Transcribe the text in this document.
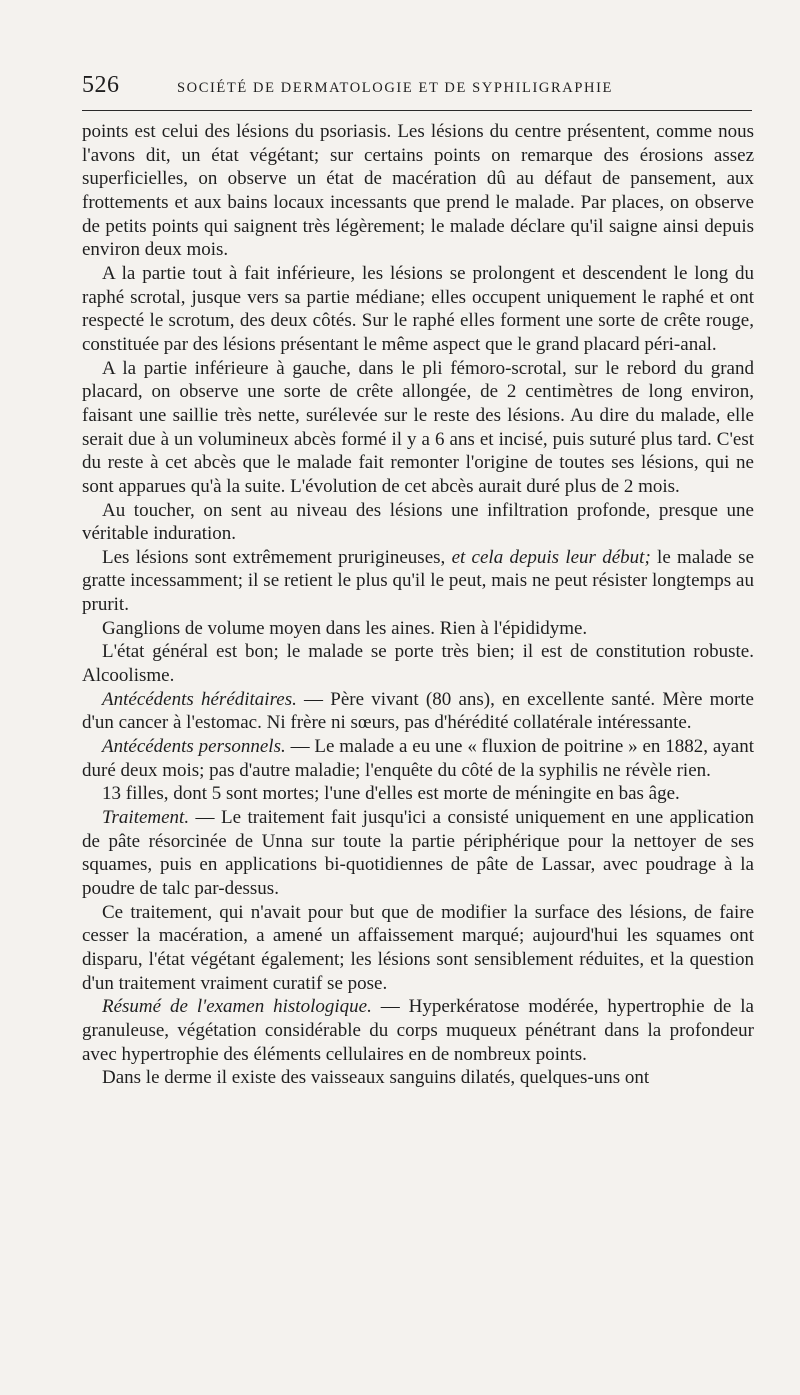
526	SOCIÉTÉ DE DERMATOLOGIE ET DE SYPHILIGRAPHIE

points est celui des lésions du psoriasis. Les lésions du centre présentent, comme nous l'avons dit, un état végétant; sur certains points on remarque des érosions assez superficielles, on observe un état de macération dû au défaut de pansement, aux frottements et aux bains locaux incessants que prend le malade. Par places, on observe de petits points qui saignent très légèrement; le malade déclare qu'il saigne ainsi depuis environ deux mois.

A la partie tout à fait inférieure, les lésions se prolongent et descendent le long du raphé scrotal, jusque vers sa partie médiane; elles occupent uniquement le raphé et ont respecté le scrotum, des deux côtés. Sur le raphé elles forment une sorte de crête rouge, constituée par des lésions présentant le même aspect que le grand placard péri-anal.

A la partie inférieure à gauche, dans le pli fémoro-scrotal, sur le rebord du grand placard, on observe une sorte de crête allongée, de 2 centimètres de long environ, faisant une saillie très nette, surélevée sur le reste des lésions. Au dire du malade, elle serait due à un volumineux abcès formé il y a 6 ans et incisé, puis suturé plus tard. C'est du reste à cet abcès que le malade fait remonter l'origine de toutes ses lésions, qui ne sont apparues qu'à la suite. L'évolution de cet abcès aurait duré plus de 2 mois.

Au toucher, on sent au niveau des lésions une infiltration profonde, presque une véritable induration.

Les lésions sont extrêmement prurigineuses, et cela depuis leur début; le malade se gratte incessamment; il se retient le plus qu'il le peut, mais ne peut résister longtemps au prurit.

Ganglions de volume moyen dans les aines. Rien à l'épididyme.

L'état général est bon; le malade se porte très bien; il est de constitution robuste. Alcoolisme.

Antécédents héréditaires. — Père vivant (80 ans), en excellente santé. Mère morte d'un cancer à l'estomac. Ni frère ni sœurs, pas d'hérédité collatérale intéressante.

Antécédents personnels. — Le malade a eu une « fluxion de poitrine » en 1882, ayant duré deux mois; pas d'autre maladie; l'enquête du côté de la syphilis ne révèle rien.

13 filles, dont 5 sont mortes; l'une d'elles est morte de méningite en bas âge.

Traitement. — Le traitement fait jusqu'ici a consisté uniquement en une application de pâte résorcinée de Unna sur toute la partie périphérique pour la nettoyer de ses squames, puis en applications bi-quotidiennes de pâte de Lassar, avec poudrage à la poudre de talc par-dessus.

Ce traitement, qui n'avait pour but que de modifier la surface des lésions, de faire cesser la macération, a amené un affaissement marqué; aujourd'hui les squames ont disparu, l'état végétant également; les lésions sont sensiblement réduites, et la question d'un traitement vraiment curatif se pose.

Résumé de l'examen histologique. — Hyperkératose modérée, hypertrophie de la granuleuse, végétation considérable du corps muqueux pénétrant dans la profondeur avec hypertrophie des éléments cellulaires en de nombreux points.

Dans le derme il existe des vaisseaux sanguins dilatés, quelques-uns ont
